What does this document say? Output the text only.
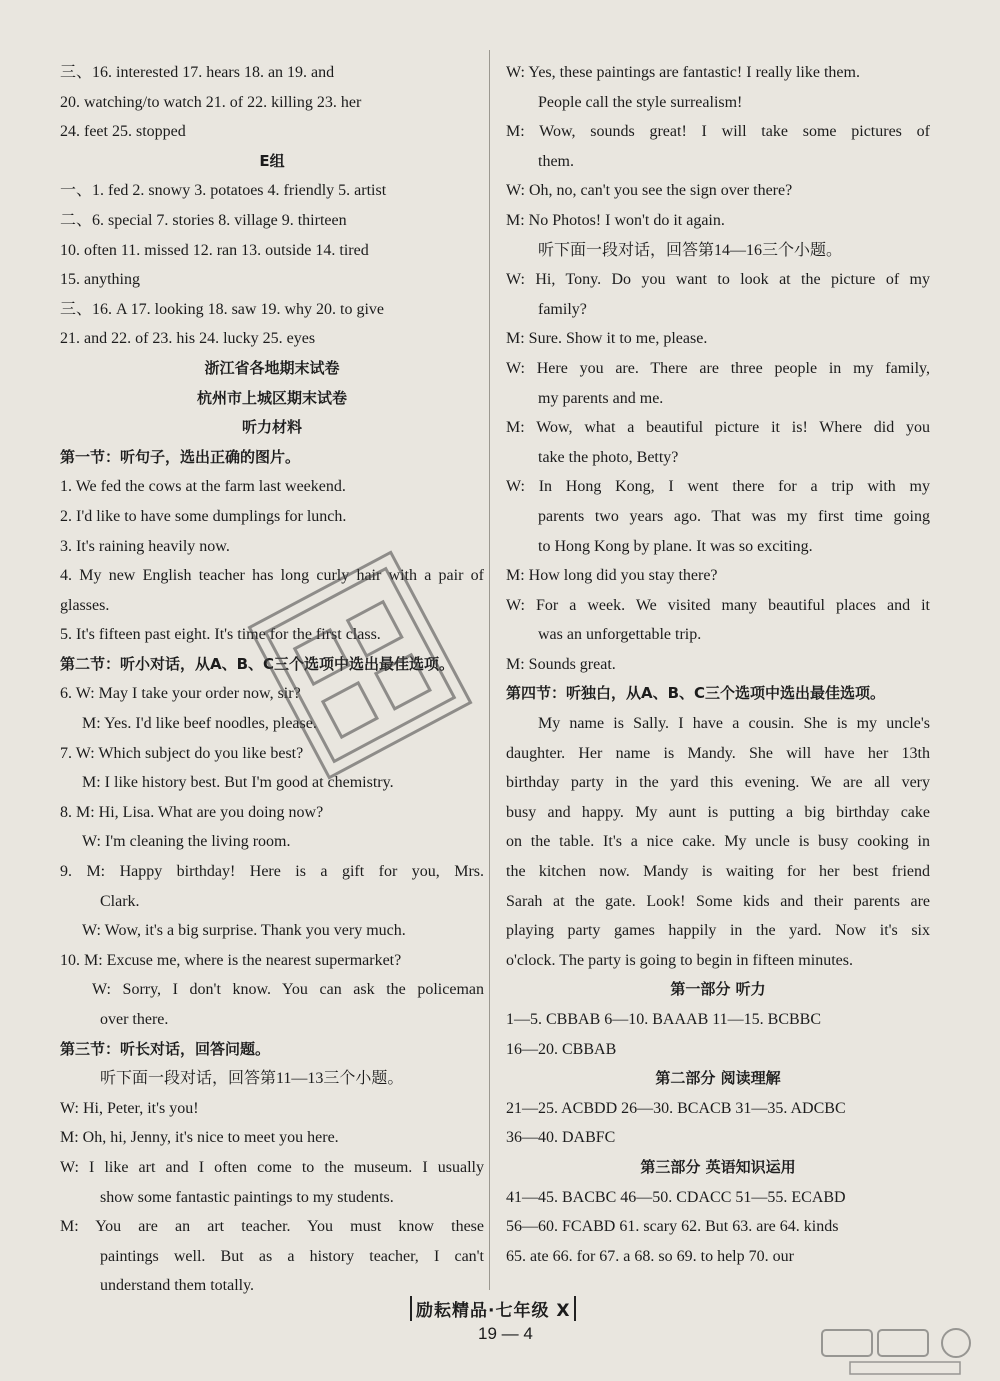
三、16. interested 17. hears 18. an 19. and
20. watching/to watch 21. of 22. killing 23. her
24. feet 25. stopped
E组
一、1. fed 2. snowy 3. potatoes 4. friendly 5. artist
二、6. special 7. stories 8. village 9. thirteen
10. often 11. missed 12. ran 13. outside 14. tired
15. anything
三、16. A 17. looking 18. saw 19. why 20. to give
21. and 22. of 23. his 24. lucky 25. eyes
浙江省各地期末试卷
杭州市上城区期末试卷
听力材料
第一节：听句子，选出正确的图片。
1. We fed the cows at the farm last weekend.
2. I'd like to have some dumplings for lunch.
3. It's raining heavily now.
4. My new English teacher has long curly hair with a pair of
glasses.
5. It's fifteen past eight. It's time for the first class.
第二节：听小对话，从A、B、C三个选项中选出最佳选项。
6. W: May I take your order now, sir?
M: Yes. I'd like beef noodles, please.
7. W: Which subject do you like best?
M: I like history best. But I'm good at chemistry.
8. M: Hi, Lisa. What are you doing now?
W: I'm cleaning the living room.
9. M: Happy birthday! Here is a gift for you, Mrs.
Clark.
W: Wow, it's a big surprise. Thank you very much.
10. M: Excuse me, where is the nearest supermarket?
W: Sorry, I don't know. You can ask the policeman
over there.
第三节：听长对话，回答问题。
听下面一段对话，回答第11—13三个小题。
W: Hi, Peter, it's you!
M: Oh, hi, Jenny, it's nice to meet you here.
W: I like art and I often come to the museum. I usually
show some fantastic paintings to my students.
M: You are an art teacher. You must know these
paintings well. But as a history teacher, I can't
understand them totally.
W: Yes, these paintings are fantastic! I really like them.
People call the style surrealism!
M: Wow, sounds great! I will take some pictures of
them.
W: Oh, no, can't you see the sign over there?
M: No Photos! I won't do it again.
听下面一段对话，回答第14—16三个小题。
W: Hi, Tony. Do you want to look at the picture of my
family?
M: Sure. Show it to me, please.
W: Here you are. There are three people in my family,
my parents and me.
M: Wow, what a beautiful picture it is! Where did you
take the photo, Betty?
W: In Hong Kong, I went there for a trip with my
parents two years ago. That was my first time going
to Hong Kong by plane. It was so exciting.
M: How long did you stay there?
W: For a week. We visited many beautiful places and it
was an unforgettable trip.
M: Sounds great.
第四节：听独白，从A、B、C三个选项中选出最佳选项。
My name is Sally. I have a cousin. She is my uncle's
daughter. Her name is Mandy. She will have her 13th
birthday party in the yard this evening. We are all very
busy and happy. My aunt is putting a big birthday cake
on the table. It's a nice cake. My uncle is busy cooking in
the kitchen now. Mandy is waiting for her best friend
Sarah at the gate. Look! Some kids and their parents are
playing party games happily in the yard. Now it's six
o'clock. The party is going to begin in fifteen minutes.
第一部分 听力
1—5. CBBAB 6—10. BAAAB 11—15. BCBBC
16—20. CBBAB
第二部分 阅读理解
21—25. ACBDD 26—30. BCACB 31—35. ADCBC
36—40. DABFC
第三部分 英语知识运用
41—45. BACBC 46—50. CDACC 51—55. ECABD
56—60. FCABD 61. scary 62. But 63. are 64. kinds
65. ate 66. for 67. a 68. so 69. to help 70. our
励耘精品·七年级 X
19 — 4
